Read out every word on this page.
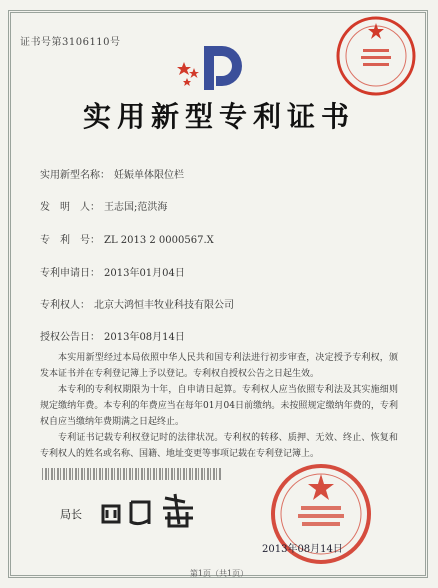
证书号第3106110号
实用新型专利证书
实用新型名称： 妊娠单体限位栏
发　明　人： 王志国;范洪海
专　利　号： ZL 2013 2 0000567.X
专利申请日： 2013年01月04日
专利权人： 北京大鸿恒丰牧业科技有限公司
授权公告日： 2013年08月14日

本实用新型经过本局依照中华人民共和国专利法进行初步审查，决定授予专利权，颁发本证书并在专利登记簿上予以登记。专利权自授权公告之日起生效。

本专利的专利权期限为十年，自申请日起算。专利权人应当依照专利法及其实施细则规定缴纳年费。本专利的年费应当在每年01月04日前缴纳。未按照规定缴纳年费的，专利权自应当缴纳年费期满之日起终止。

专利证书记载专利权登记时的法律状况。专利权的转移、质押、无效、终止、恢复和专利权人的姓名或名称、国籍、地址变更等事项记载在专利登记簿上。

局长
2013年08月14日
第1页（共1页）
